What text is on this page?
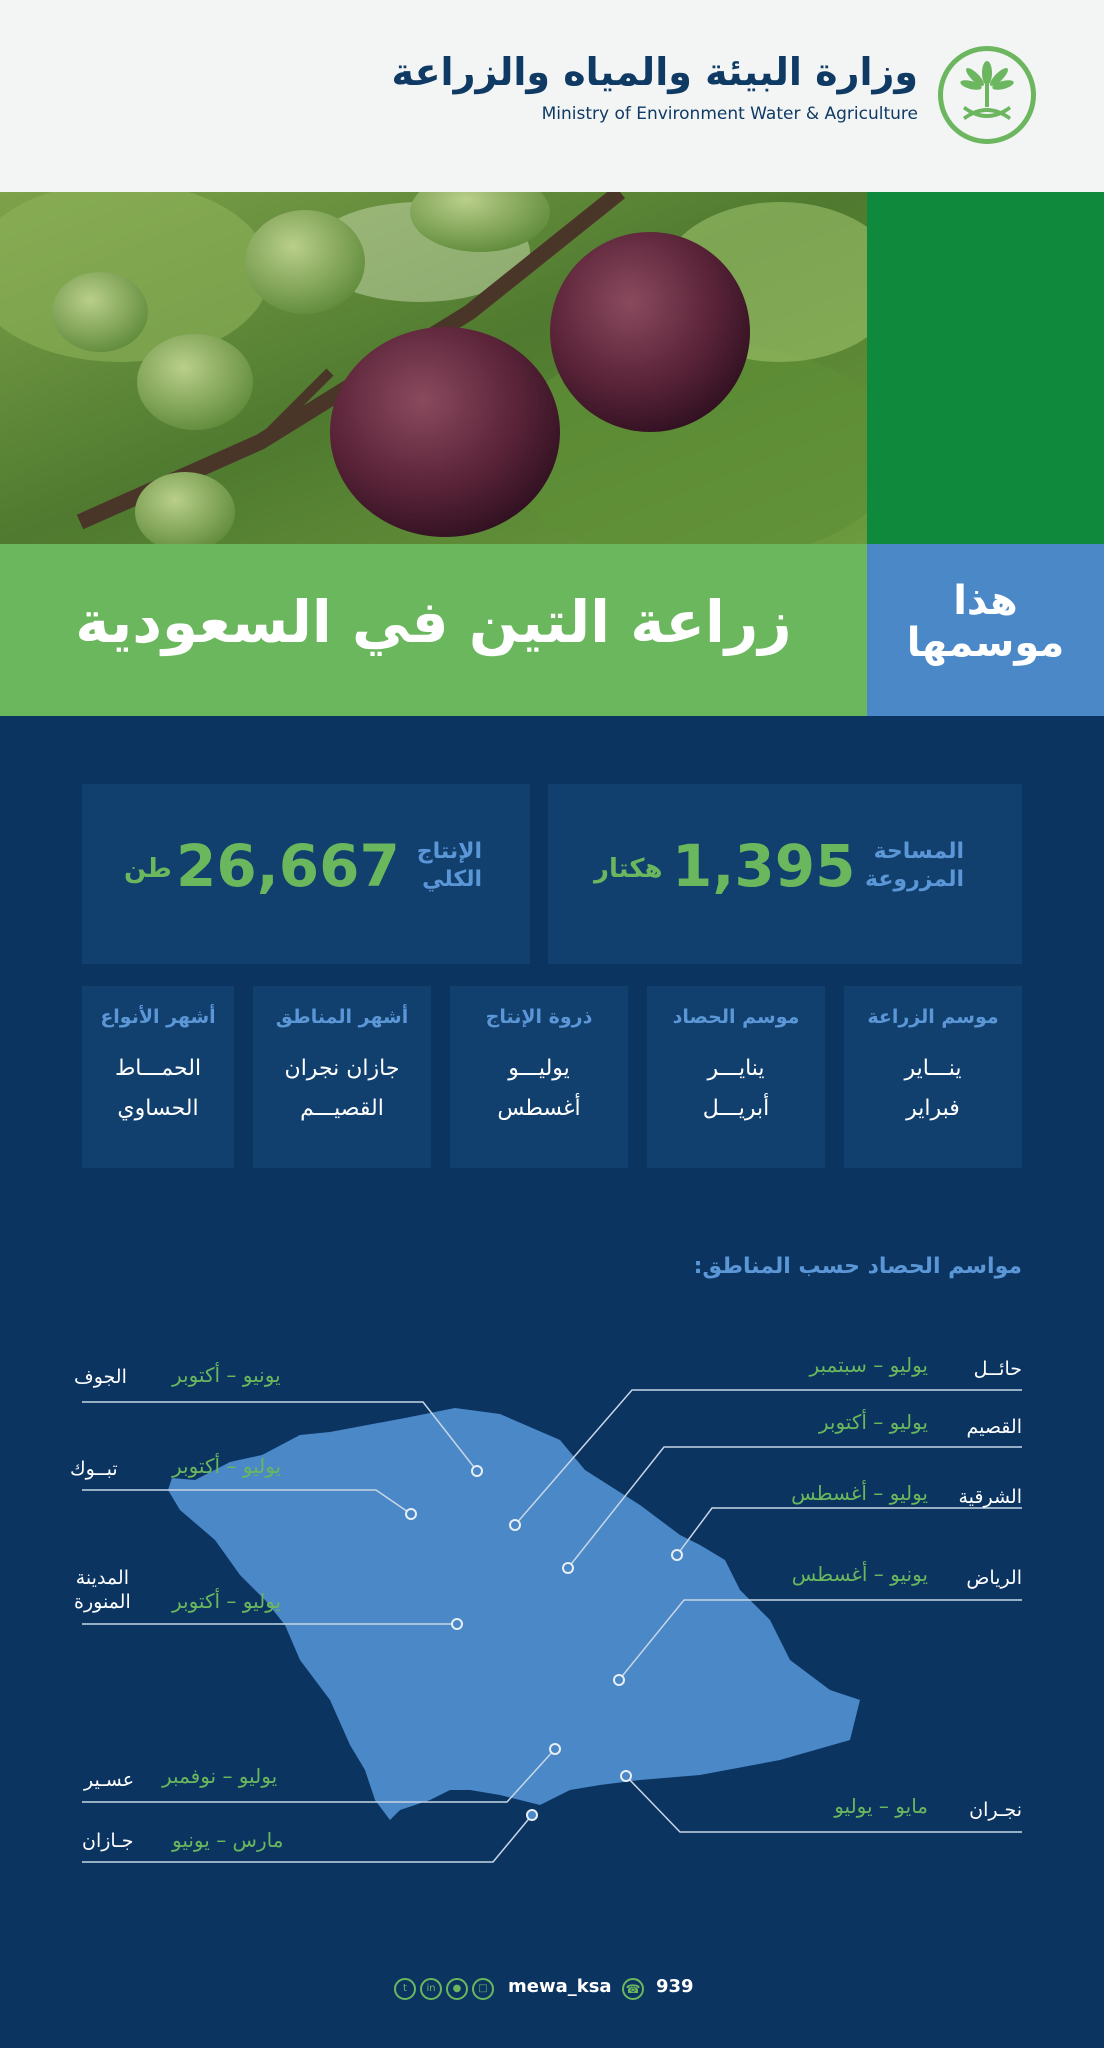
وزارة البيئة والمياه والزراعة
Ministry of Environment Water & Agriculture
زراعة التين في السعودية	هذا
موسمها
المساحة
المزروعة
1,395
هكتار
الإنتاج
الكلي
26,667
طن
موسم الزراعة
ينـــاير
فبراير
موسم الحصاد
ينايـــر
أبريـــل
ذروة الإنتاج
يوليـــو
أغسطس
أشهر المناطق
جازان نجران
القصيـــم
أشهر الأنواع
الحمـــاط
الحساوي
مواسم الحصاد حسب المناطق:
حائــل
يوليو – سبتمبر
القصيم
يوليو – أكتوبر
الشرقية
يوليو – أغسطس
الرياض
يونيو – أغسطس
نجـران
مايو – يوليو
الجوف يونيو – أكتوبر
تبــوك	يوليو – أكتوبر
المدينة
المنورة يوليو – أكتوبر
عسـير يوليو – نوفمبر
جـازان مارس – يونيو
t	in	●	□	mewa_ksa ☎ 939
